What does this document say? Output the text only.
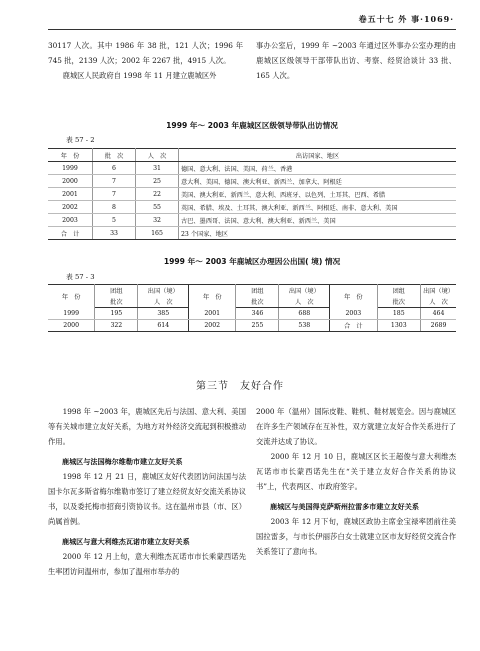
卷五十七 外 事·1069·

30117 人次。其中 1986 年 38 批，121 人次；1996 年 745 批，2139 人次；2002 年 2267 批，4915 人次。

鹿城区人民政府自 1998 年 11 月建立鹿城区外

事办公室后，1999 年 ~2003 年通过区外事办公室办理的由鹿城区区级领导干部带队出访、考察、经贸洽谈计 33 批、165 人次。

1999 年～ 2003 年鹿城区区级领导带队出访情况
表 57 - 2
年　份	批　次	人　次	出访国家、地区
1999	6	31	德国、意大利、法国、美国、荷兰、香港
2000	7	25	意大利、美国、德国、澳大利亚、新西兰、加拿大、阿根廷
2001	7	22	美国、澳大利亚、新西兰、意大利、西班牙、以色列、土耳其、巴西、希腊
2002	8	55	英国、希腊、埃及、土耳其、澳大利亚、新西兰、阿根廷、南非、意大利、美国
2003	5	32	古巴、墨西哥、法国、意大利、澳大利亚、新西兰、美国
合　计	33	165	23 个国家、地区
1999 年～ 2003 年鹿城区办理因公出国( 境) 情况
表 57 - 3
年　份	团组	出国（境）	年　份	团组	出国（境）	年　份	团组	出国（境）
	批次	人　次		批次	人　次		批次	人　次
1999	195	385	2001	346	688	2003	185	464
2000	322	614	2002	255	538	合　计	1303	2689
第三节　友好合作

1998 年 ~2003 年，鹿城区先后与法国、意大利、美国等有关城市建立友好关系，为地方对外经济交流起到积极推动作用。

鹿城区与法国梅尔维勒市建立友好关系

1998 年 12 月 21 日，鹿城区友好代表团访问法国与法国卡尔瓦多斯省梅尔维勒市签订了建立经贸友好交流关系协议书，以及委托梅市招商引资协议书。这在温州市县（市、区）尚属首例。

鹿城区与意大利维杰瓦诺市建立友好关系

2000 年 12 月上旬，意大利维杰瓦诺市市长乘蒙西诺先生率团访问温州市，参加了温州市举办的

2000 年（温州）国际皮鞋、鞋机、鞋材展览会。因与鹿城区在许多生产领域存在互补性，双方就建立友好合作关系进行了交流并达成了协议。

2000 年 12 月 10 日，鹿城区区长王超俊与意大利维杰瓦诺市市长蒙西诺先生在“关于建立友好合作关系的协议书”上，代表两区、市政府签字。

鹿城区与美国得克萨斯州拉雷多市建立友好关系

2003 年 12 月下旬，鹿城区政协主席金宝禄率团前往美国拉雷多，与市长伊丽莎白女士就建立区市友好经贸交流合作关系签订了意向书。
